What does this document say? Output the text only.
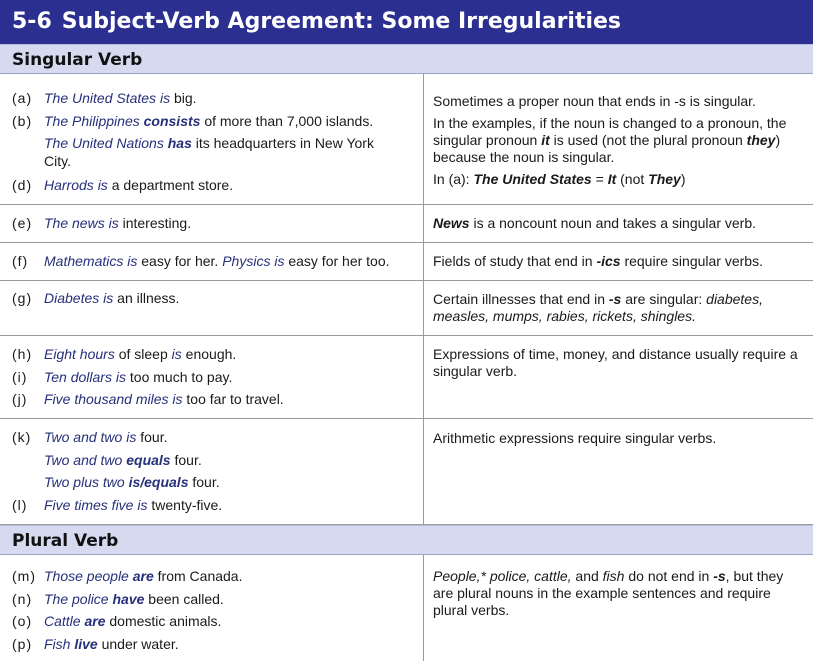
5-6 Subject-Verb Agreement: Some Irregularities
Singular Verb
(a) The United States is big.
(b) The Philippines consists of more than 7,000 islands.
The United Nations has its headquarters in New York City.
(d) Harrods is a department store.
Sometimes a proper noun that ends in -s is singular.
In the examples, if the noun is changed to a pronoun, the singular pronoun it is used (not the plural pronoun they) because the noun is singular.
In (a): The United States = It (not They)
(e) The news is interesting.	News is a noncount noun and takes a singular verb.
(f) Mathematics is easy for her. Physics is easy for her too.	Fields of study that end in -ics require singular verbs.
(g) Diabetes is an illness.	Certain illnesses that end in -s are singular: diabetes, measles, mumps, rabies, rickets, shingles.
(h) Eight hours of sleep is enough.
(i) Ten dollars is too much to pay.
(j) Five thousand miles is too far to travel.
Expressions of time, money, and distance usually require a singular verb.
(k) Two and two is four.
Two and two equals four.
Two plus two is/equals four.
(l) Five times five is twenty-five.
Arithmetic expressions require singular verbs.
Plural Verb
(m) Those people are from Canada.
(n) The police have been called.
(o) Cattle are domestic animals.
(p) Fish live under water.
People,* police, cattle, and fish do not end in -s, but they are plural nouns in the example sentences and require plural verbs.
